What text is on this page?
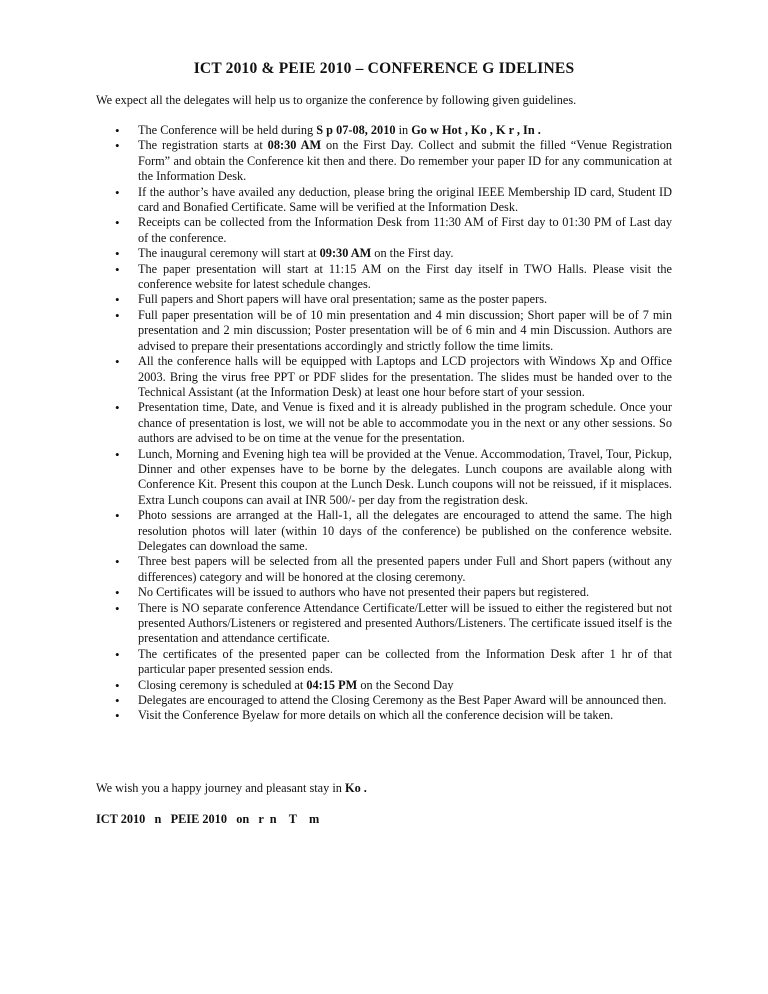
ICT 2010 & PEIE 2010 – CONFERENCE G IDELINES
We expect all the delegates will help us to organize the conference by following given guidelines.
• The Conference will be held during S p 07-08, 2010 in Go w Hot , Ko , K r , In .
• The registration starts at 08:30 AM on the First Day. Collect and submit the filled “Venue Registration Form” and obtain the Conference kit then and there. Do remember your paper ID for any communication at the Information Desk.
• If the author’s have availed any deduction, please bring the original IEEE Membership ID card, Student ID card and Bonafied Certificate. Same will be verified at the Information Desk.
• Receipts can be collected from the Information Desk from 11:30 AM of First day to 01:30 PM of Last day of the conference.
• The inaugural ceremony will start at 09:30 AM on the First day.
• The paper presentation will start at 11:15 AM on the First day itself in TWO Halls. Please visit the conference website for latest schedule changes.
• Full papers and Short papers will have oral presentation; same as the poster papers.
• Full paper presentation will be of 10 min presentation and 4 min discussion; Short paper will be of 7 min presentation and 2 min discussion; Poster presentation will be of 6 min and 4 min Discussion. Authors are advised to prepare their presentations accordingly and strictly follow the time limits.
• All the conference halls will be equipped with Laptops and LCD projectors with Windows Xp and Office 2003. Bring the virus free PPT or PDF slides for the presentation. The slides must be handed over to the Technical Assistant (at the Information Desk) at least one hour before start of your session.
• Presentation time, Date, and Venue is fixed and it is already published in the program schedule. Once your chance of presentation is lost, we will not be able to accommodate you in the next or any other sessions. So authors are advised to be on time at the venue for the presentation.
• Lunch, Morning and Evening high tea will be provided at the Venue. Accommodation, Travel, Tour, Pickup, Dinner and other expenses have to be borne by the delegates. Lunch coupons are available along with Conference Kit. Present this coupon at the Lunch Desk. Lunch coupons will not be reissued, if it misplaces. Extra Lunch coupons can avail at INR 500/- per day from the registration desk.
• Photo sessions are arranged at the Hall-1, all the delegates are encouraged to attend the same. The high resolution photos will later (within 10 days of the conference) be published on the conference website. Delegates can download the same.
• Three best papers will be selected from all the presented papers under Full and Short papers (without any differences) category and will be honored at the closing ceremony.
• No Certificates will be issued to authors who have not presented their papers but registered.
• There is NO separate conference Attendance Certificate/Letter will be issued to either the registered but not presented Authors/Listeners or registered and presented Authors/Listeners. The certificate issued itself is the presentation and attendance certificate.
• The certificates of the presented paper can be collected from the Information Desk after 1 hr of that particular paper presented session ends.
• Closing ceremony is scheduled at 04:15 PM on the Second Day
• Delegates are encouraged to attend the Closing Ceremony as the Best Paper Award will be announced then.
• Visit the Conference Byelaw for more details on which all the conference decision will be taken.
We wish you a happy journey and pleasant stay in Ko .
ICT 2010   n   PEIE 2010   on   r  n    T    m
